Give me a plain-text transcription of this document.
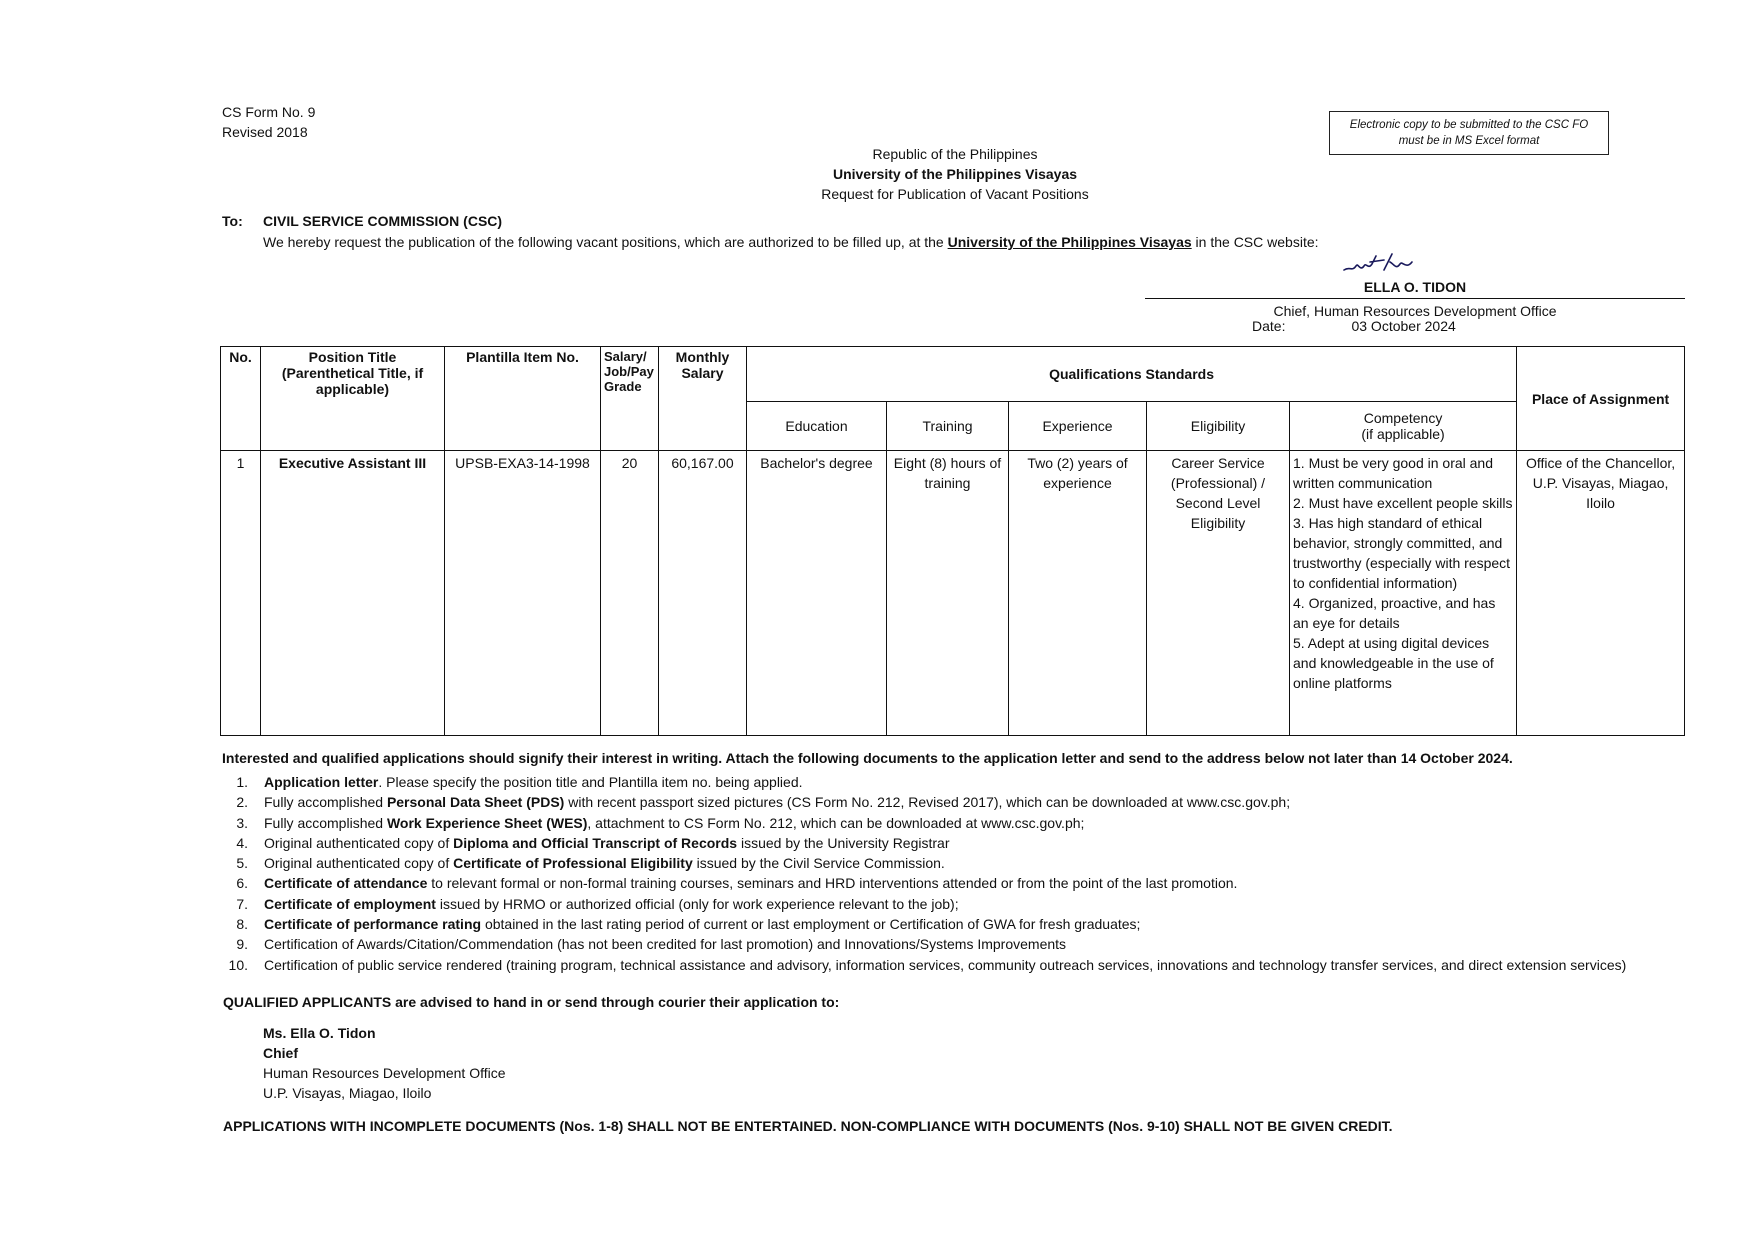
CS Form No. 9
Revised 2018	Electronic copy to be submitted to the CSC FO
must be in MS Excel format
Republic of the Philippines
University of the Philippines Visayas
Request for Publication of Vacant Positions
To: CIVIL SERVICE COMMISSION (CSC)
We hereby request the publication of the following vacant positions, which are authorized to be filled up, at the University of the Philippines Visayas in the CSC website:
ELLA O. TIDON
Chief, Human Resources Development Office
Date:	03 October 2024
No.	Position Title (Parenthetical Title, if applicable)	Plantilla Item No.	Salary/ Job/Pay Grade	Monthly Salary	Qualifications Standards					Place of Assignment
					Education	Training	Experience	Eligibility	Competency
(if applicable)	

1	Executive Assistant III	UPSB-EXA3-14-1998	20	60,167.00	Bachelor's degree	Eight (8) hours of training	Two (2) years of experience	Career Service (Professional) / Second Level Eligibility	1. Must be very good in oral and written communication
2. Must have excellent people skills
3. Has high standard of ethical behavior, strongly committed, and trustworthy (especially with respect to confidential information)
4. Organized, proactive, and has an eye for details
5. Adept at using digital devices and knowledgeable in the use of online platforms	Office of the Chancellor, U.P. Visayas, Miagao, Iloilo
Interested and qualified applications should signify their interest in writing. Attach the following documents to the application letter and send to the address below not later than 14 October 2024.
1. Application letter. Please specify the position title and Plantilla item no. being applied.
2. Fully accomplished Personal Data Sheet (PDS) with recent passport sized pictures (CS Form No. 212, Revised 2017), which can be downloaded at www.csc.gov.ph;
3. Fully accomplished Work Experience Sheet (WES), attachment to CS Form No. 212, which can be downloaded at www.csc.gov.ph;
4. Original authenticated copy of Diploma and Official Transcript of Records issued by the University Registrar
5. Original authenticated copy of Certificate of Professional Eligibility issued by the Civil Service Commission.
6. Certificate of attendance to relevant formal or non-formal training courses, seminars and HRD interventions attended or from the point of the last promotion.
7. Certificate of employment issued by HRMO or authorized official (only for work experience relevant to the job);
8. Certificate of performance rating obtained in the last rating period of current or last employment or Certification of GWA for fresh graduates;
9. Certification of Awards/Citation/Commendation (has not been credited for last promotion) and Innovations/Systems Improvements
10. Certification of public service rendered (training program, technical assistance and advisory, information services, community outreach services, innovations and technology transfer services, and direct extension services)
QUALIFIED APPLICANTS are advised to hand in or send through courier their application to:
Ms. Ella O. Tidon
Chief
Human Resources Development Office
U.P. Visayas, Miagao, Iloilo
APPLICATIONS WITH INCOMPLETE DOCUMENTS (Nos. 1-8) SHALL NOT BE ENTERTAINED. NON-COMPLIANCE WITH DOCUMENTS (Nos. 9-10) SHALL NOT BE GIVEN CREDIT.
